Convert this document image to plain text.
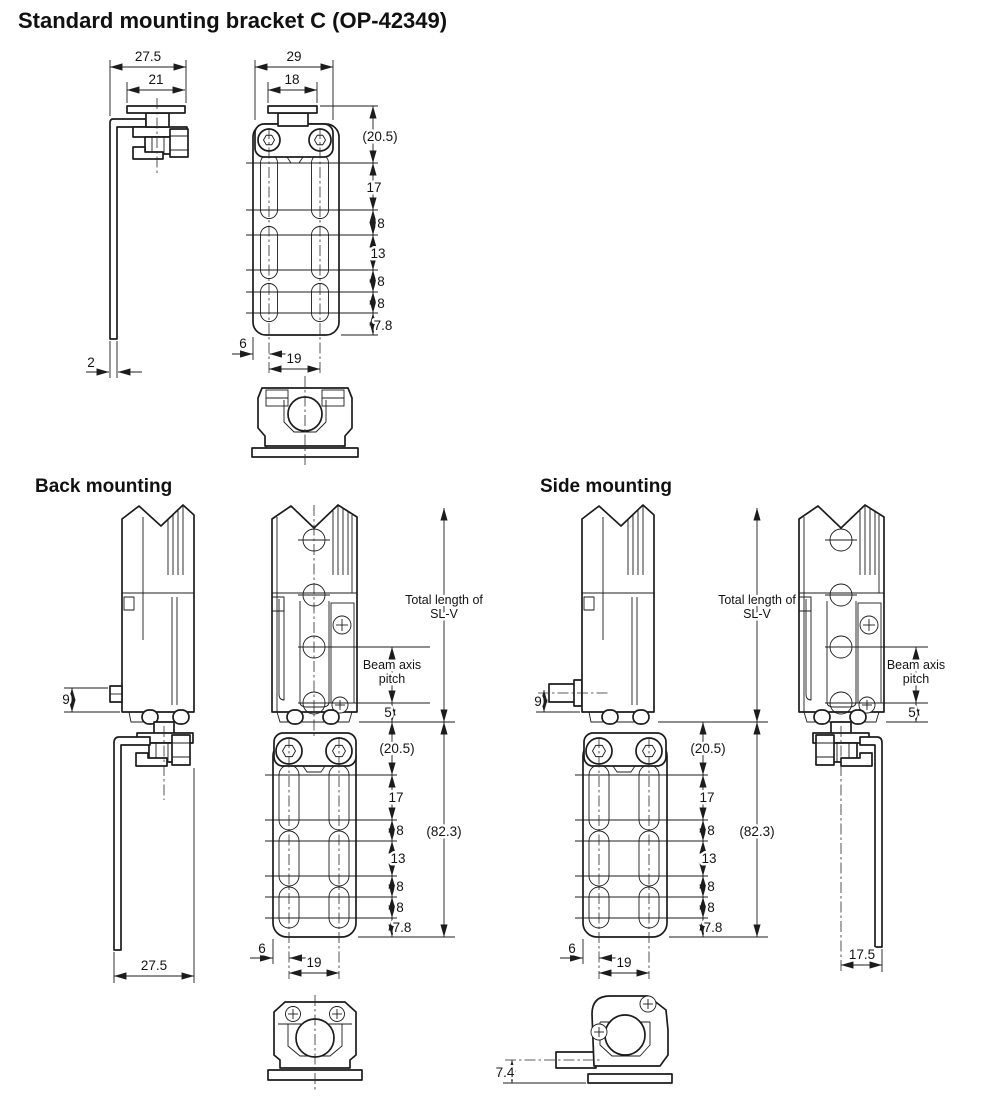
Standard mounting bracket C (OP-42349)
Back mounting	Side mounting
27.5
21
2
29
18
(20.5)
17
8
13
8
8
7.8
6
19
9
27.5
Total length of
SL-V
(82.3)
Beam axis
pitch
5
(20.5)
17
8
13
8
8
7.8
6
19
9
Total length of
SL-V
(82.3)
(20.5)
17
8
13
8
8
7.8
6
19
Beam axis
pitch
5
17.5
7.4
